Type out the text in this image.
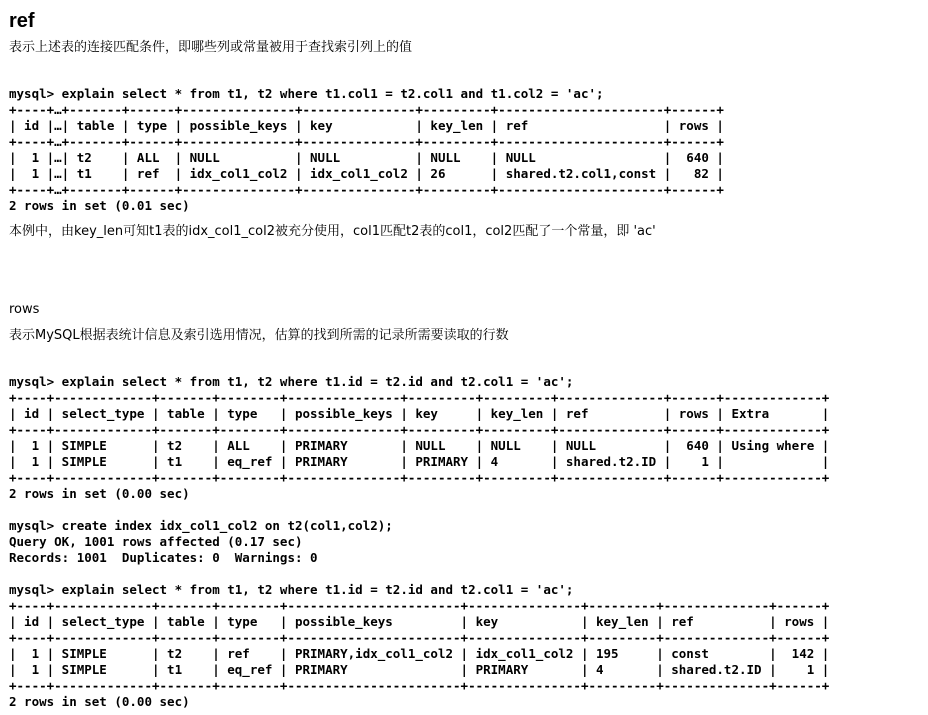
ref
表示上述表的连接匹配条件，即哪些列或常量被用于查找索引列上的值
mysql> explain select * from t1, t2 where t1.col1 = t2.col1 and t1.col2 = 'ac';
+----+…+-------+------+---------------+---------------+---------+----------------------+------+
| id |…| table | type | possible_keys | key           | key_len | ref                  | rows |
+----+…+-------+------+---------------+---------------+---------+----------------------+------+
|  1 |…| t2    | ALL  | NULL          | NULL          | NULL    | NULL                 |  640 |
|  1 |…| t1    | ref  | idx_col1_col2 | idx_col1_col2 | 26      | shared.t2.col1,const |   82 |
+----+…+-------+------+---------------+---------------+---------+----------------------+------+
2 rows in set (0.01 sec)

本例中，由key_len可知t1表的idx_col1_col2被充分使用，col1匹配t2表的col1，col2匹配了一个常量，即 'ac'
rows
表示MySQL根据表统计信息及索引选用情况，估算的找到所需的记录所需要读取的行数
mysql> explain select * from t1, t2 where t1.id = t2.id and t2.col1 = 'ac';
+----+-------------+-------+--------+---------------+---------+---------+--------------+------+-------------+
| id | select_type | table | type   | possible_keys | key     | key_len | ref          | rows | Extra       |
+----+-------------+-------+--------+---------------+---------+---------+--------------+------+-------------+
|  1 | SIMPLE      | t2    | ALL    | PRIMARY       | NULL    | NULL    | NULL         |  640 | Using where |
|  1 | SIMPLE      | t1    | eq_ref | PRIMARY       | PRIMARY | 4       | shared.t2.ID |    1 |             |
+----+-------------+-------+--------+---------------+---------+---------+--------------+------+-------------+
2 rows in set (0.00 sec)

mysql> create index idx_col1_col2 on t2(col1,col2);
Query OK, 1001 rows affected (0.17 sec)
Records: 1001  Duplicates: 0  Warnings: 0

mysql> explain select * from t1, t2 where t1.id = t2.id and t2.col1 = 'ac';
+----+-------------+-------+--------+-----------------------+---------------+---------+--------------+------+
| id | select_type | table | type   | possible_keys         | key           | key_len | ref          | rows |
+----+-------------+-------+--------+-----------------------+---------------+---------+--------------+------+
|  1 | SIMPLE      | t2    | ref    | PRIMARY,idx_col1_col2 | idx_col1_col2 | 195     | const        |  142 |
|  1 | SIMPLE      | t1    | eq_ref | PRIMARY               | PRIMARY       | 4       | shared.t2.ID |    1 |
+----+-------------+-------+--------+-----------------------+---------------+---------+--------------+------+
2 rows in set (0.00 sec)
